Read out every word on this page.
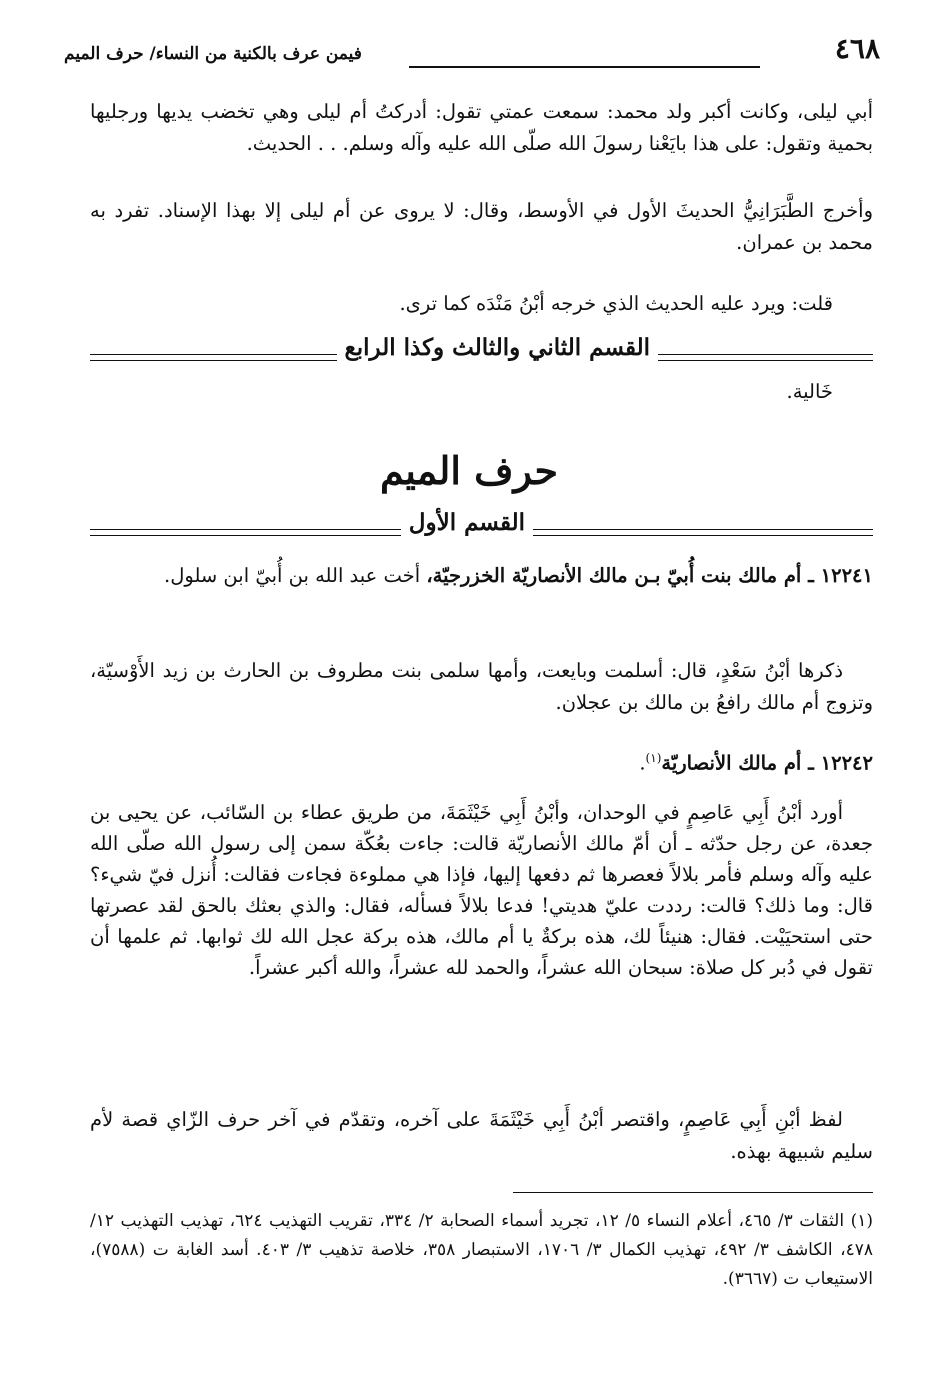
٤٦٨
فيمن عرف بالكنية من النساء/ حرف الميم

أبي ليلى، وكانت أكبر ولد محمد: سمعت عمتي تقول: أدركتُ أم ليلى وهي تخضب يديها ورجليها بحمية وتقول: على هذا بايَعْنا رسولَ الله صلّى الله عليه وآله وسلم. . . الحديث.

وأخرج الطَّبَرَانِيُّ الحديثَ الأول في الأوسط، وقال: لا يروى عن أم ليلى إلا بهذا الإسناد. تفرد به محمد بن عمران.

قلت: ويرد عليه الحديث الذي خرجه أبْنُ مَنْدَه كما ترى.

القسم الثاني والثالث وكذا الرابع

خَالية.

حرف الميم
القسم الأول

١٢٢٤١ ـ أم مالك بنت أُبيّ بـن مالك الأنصاريّة الخزرجيّة، أخت عبد الله بن أُبيّ ابن سلول.

ذكرها أبْنُ سَعْدٍ، قال: أسلمت وبايعت، وأمها سلمى بنت مطروف بن الحارث بن زيد الأَوْسيّة، وتزوج أم مالك رافعُ بن مالك بن عجلان.

١٢٢٤٢ ـ أم مالك الأنصاريّة$^{(١)}$.

أورد أبْنُ أَبِي عَاصِمٍ في الوحدان، وأبْنُ أَبِي خَيْثَمَةَ، من طريق عطاء بن السّائب، عن يحيى بن جعدة، عن رجل حدّثه ـ أن أمّ مالك الأنصاريّة قالت: جاءت بعُكّة سمن إلى رسول الله صلّى الله عليه وآله وسلم فأمر بلالاً فعصرها ثم دفعها إليها، فإذا هي مملوءة فجاءت فقالت: أُنزل فيّ شيء؟ قال: وما ذلك؟ قالت: رددت عليّ هديتي! فدعا بلالاً فسأله، فقال: والذي بعثك بالحق لقد عصرتها حتى استحيَيْت. فقال: هنيئاً لك، هذه بركةٌ يا أم مالك، هذه بركة عجل الله لك ثوابها. ثم علمها أن تقول في دُبر كل صلاة: سبحان الله عشراً، والحمد لله عشراً، والله أكبر عشراً.

لفظ أبْنِ أَبِي عَاصِمٍ، واقتصر أبْنُ أَبِي خَيْثَمَةَ على آخره، وتقدّم في آخر حرف الزّاي قصة لأم سليم شبيهة بهذه.

(١) الثقات ٣/ ٤٦٥، أعلام النساء ٥/ ١٢، تجريد أسماء الصحابة ٢/ ٣٣٤، تقريب التهذيب ٦٢٤، تهذيب التهذيب ١٢/ ٤٧٨، الكاشف ٣/ ٤٩٢، تهذيب الكمال ٣/ ١٧٠٦، الاستبصار ٣٥٨، خلاصة تذهيب ٣/ ٤٠٣. أسد الغابة ت (٧٥٨٨)، الاستيعاب ت (٣٦٦٧).
